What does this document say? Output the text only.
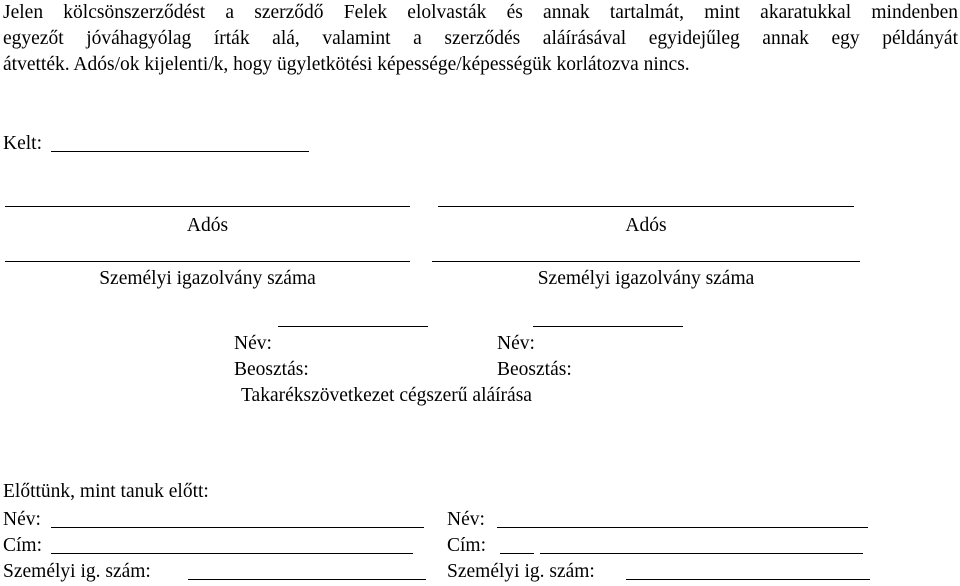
Jelen kölcsönszerződést a szerződő Felek elolvasták és annak tartalmát, mint akaratukkal mindenben
egyezőt jóváhagyólag írták alá, valamint a szerződés aláírásával egyidejűleg annak egy példányát
átvették. Adós/ok kijelenti/k, hogy ügyletkötési képessége/képességük korlátozva nincs.
Kelt:
Adós	Adós
Személyi igazolvány száma	Személyi igazolvány száma
Név:	Név:
Beosztás:	Beosztás:
Takarékszövetkezet cégszerű aláírása
Előttünk, mint tanuk előtt:
Név:	Név:
Cím:	Cím:
Személyi ig. szám:	Személyi ig. szám:
